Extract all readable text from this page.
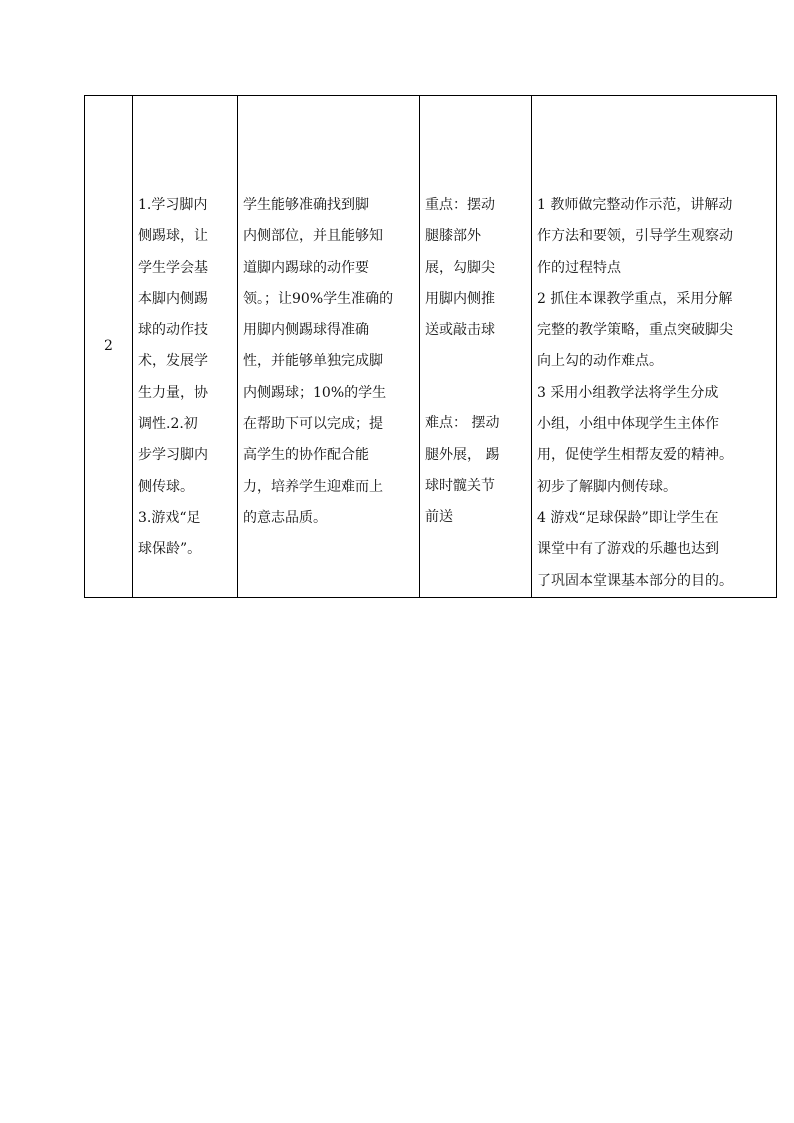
2	
1.学习脚内
侧踢球，让
学生学会基
本脚内侧踢
球的动作技
术，发展学
生力量，协
调性.2.初
步学习脚内
侧传球。
3.游戏“足
球保龄”。

学生能够准确找到脚
内侧部位，并且能够知
道脚内踢球的动作要
领。；让90%学生准确的
用脚内侧踢球得准确
性，并能够单独完成脚
内侧踢球；10%的学生
在帮助下可以完成；提
高学生的协作配合能
力，培养学生迎难而上
的意志品质。

重点：摆动
腿膝部外
展，勾脚尖
用脚内侧推
送或敲击球
难点： 摆动
腿外展， 踢
球时髋关节
前送

1 教师做完整动作示范，讲解动
作方法和要领，引导学生观察动
作的过程特点
2 抓住本课教学重点，采用分解
完整的教学策略，重点突破脚尖
向上勾的动作难点。
3 采用小组教学法将学生分成
小组，小组中体现学生主体作
用，促使学生相帮友爱的精神。
初步了解脚内侧传球。
4 游戏“足球保龄”即让学生在
课堂中有了游戏的乐趣也达到
了巩固本堂课基本部分的目的。
